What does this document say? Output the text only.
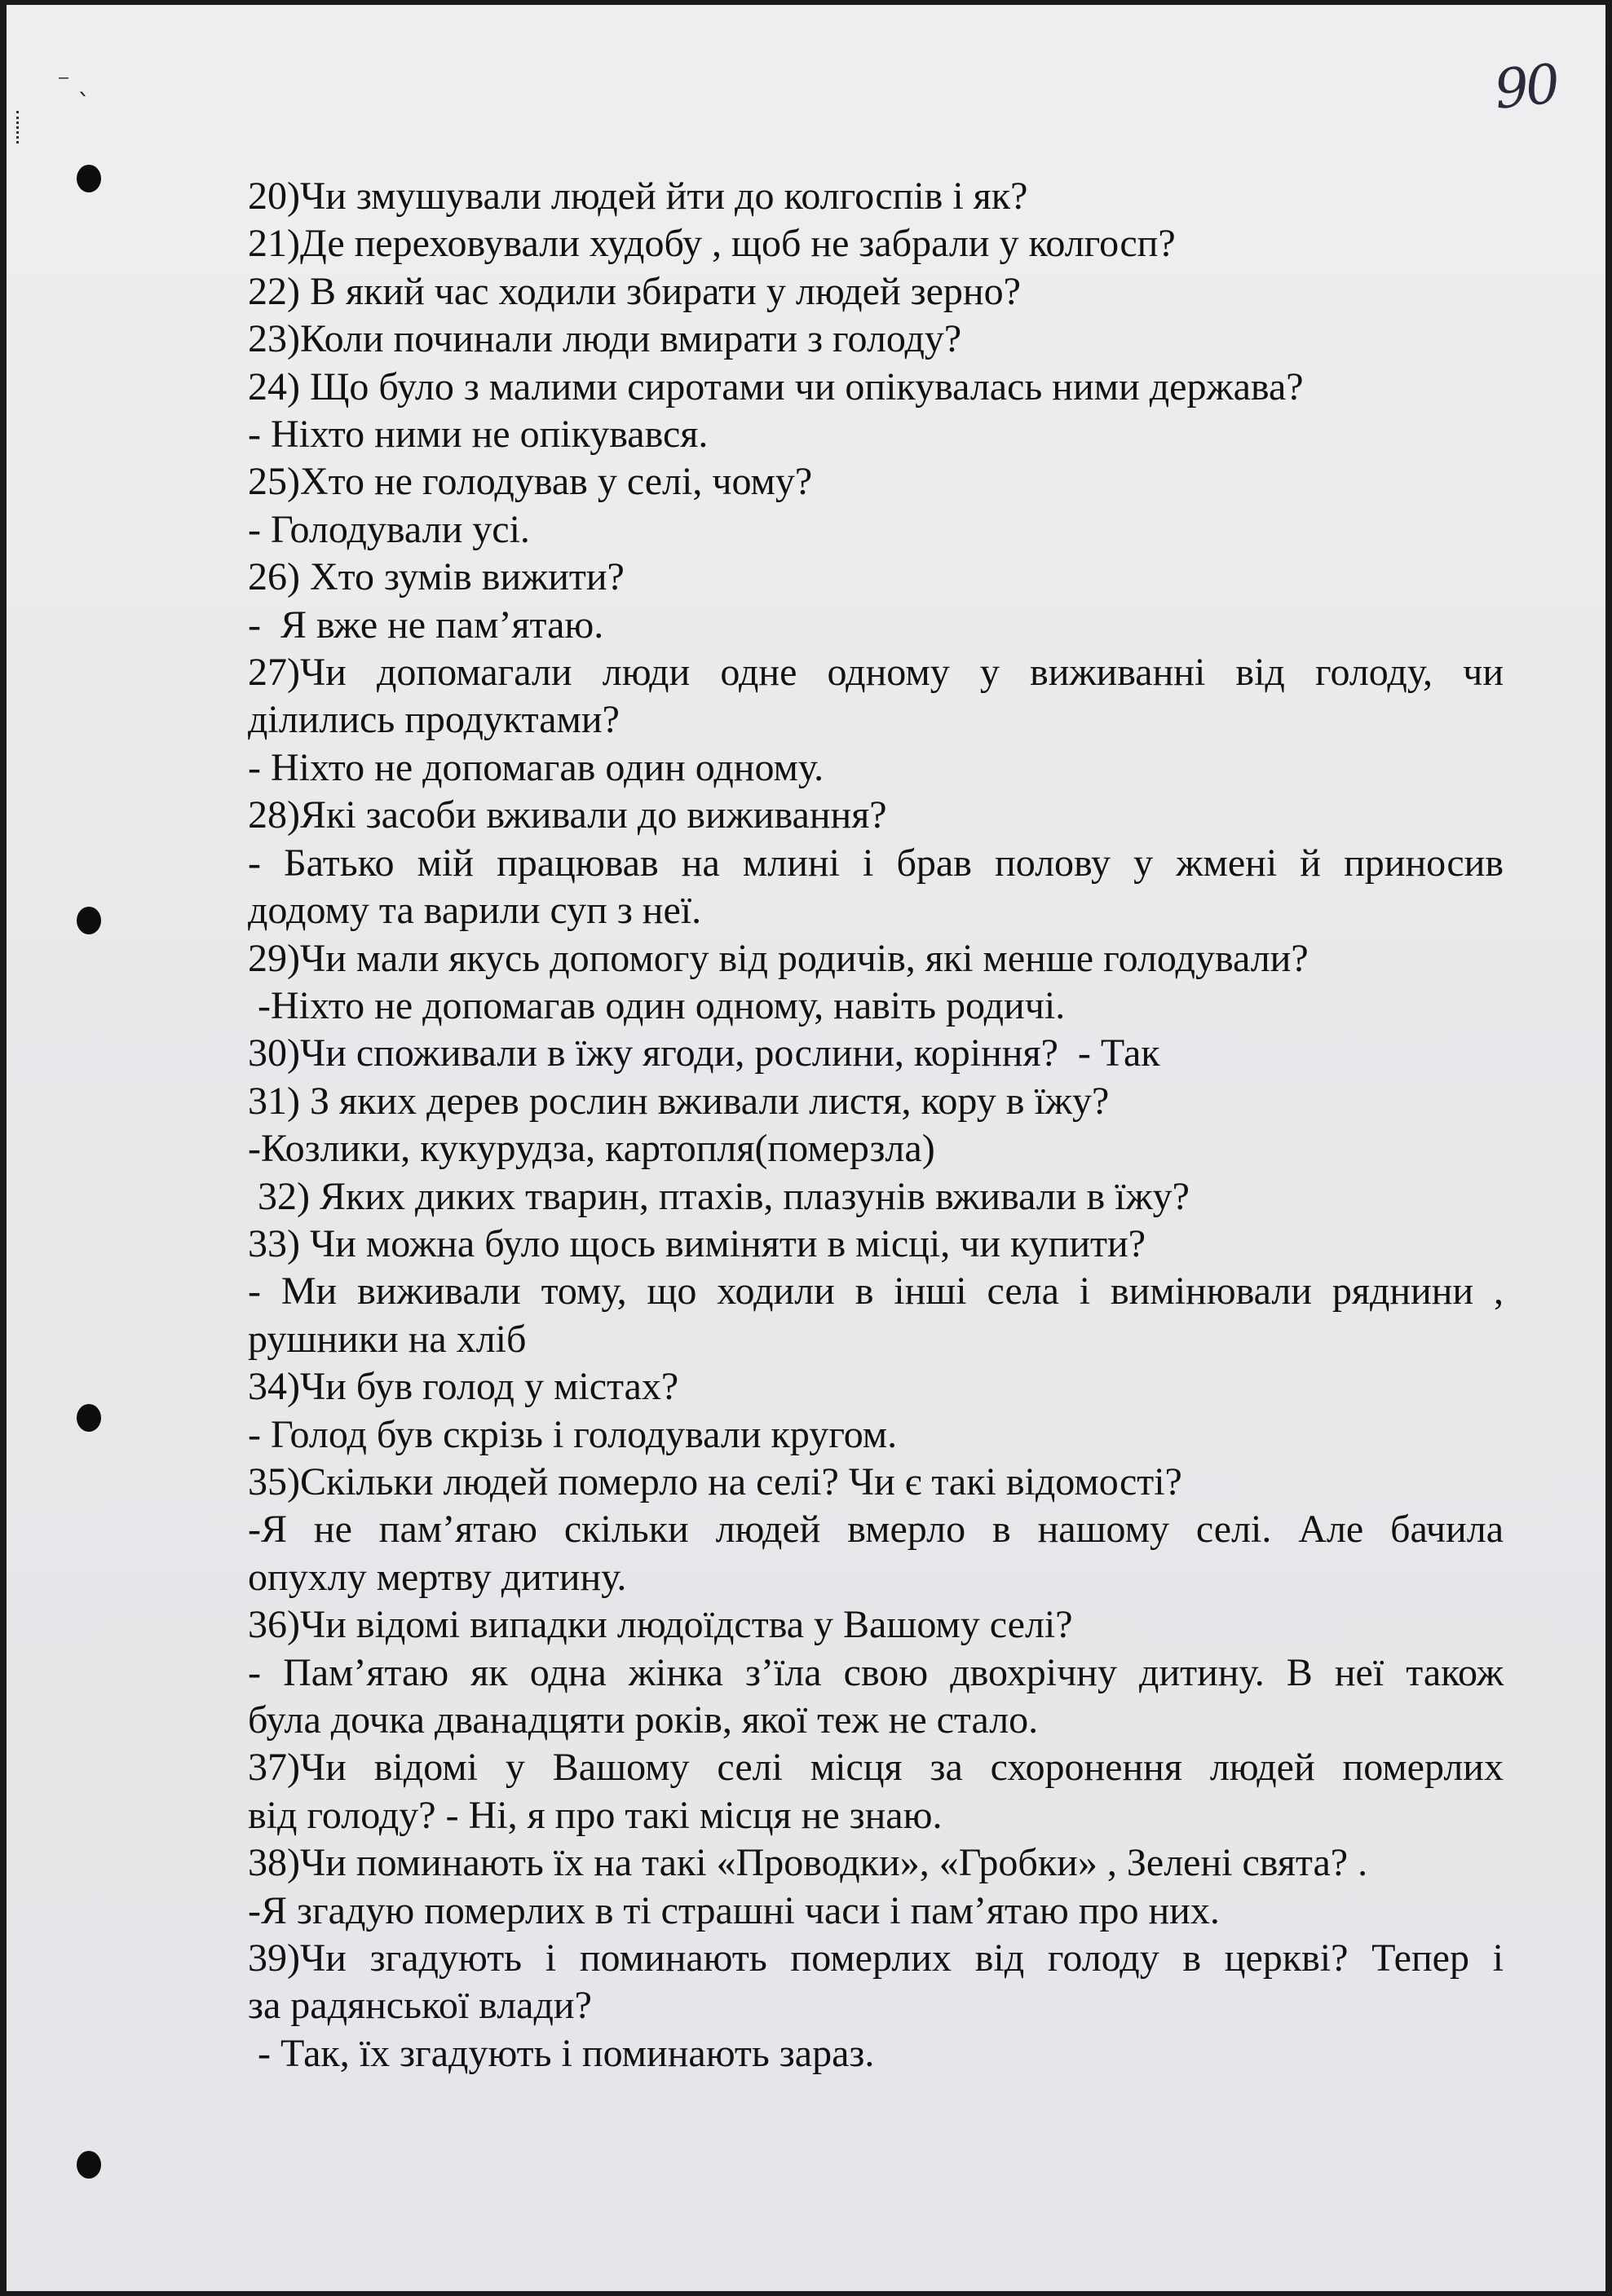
⁻ ˎ	90
20)Чи змушували людей йти до колгоспів і як?
21)Де переховували худобу , щоб не забрали у колгосп?
22) В який час ходили збирати у людей зерно?
23)Коли починали люди вмирати з голоду?
24) Що було з малими сиротами чи опікувалась ними держава?
- Ніхто ними не опікувався.
25)Хто не голодував у селі, чому?
- Голодували усі.
26) Хто зумів вижити?
-  Я вже не пам’ятаю.
27)Чи допомагали люди одне одному у виживанні від голоду, чи
ділились продуктами?
- Ніхто не допомагав один одному.
28)Які засоби вживали до виживання?
- Батько мій працював на млині і брав полову у жмені й приносив
додому та варили суп з неї.
29)Чи мали якусь допомогу від родичів, які менше голодували?
-Ніхто не допомагав один одному, навіть родичі.
30)Чи споживали в їжу ягоди, рослини, коріння?  - Так
31) З яких дерев рослин вживали листя, кору в їжу?
-Козлики, кукурудза, картопля(померзла)
32) Яких диких тварин, птахів, плазунів вживали в їжу?
33) Чи можна було щось виміняти в місці, чи купити?
- Ми виживали тому, що ходили в інші села і вимінювали ряднини ,
рушники на хліб
34)Чи був голод у містах?
- Голод був скрізь і голодували кругом.
35)Скільки людей померло на селі? Чи є такі відомості?
-Я не пам’ятаю скільки людей вмерло в нашому селі. Але бачила
опухлу мертву дитину.
36)Чи відомі випадки людоїдства у Вашому селі?
- Пам’ятаю як одна жінка з’їла свою двохрічну дитину. В неї також
була дочка дванадцяти років, якої теж не стало.
37)Чи відомі у Вашому селі місця за схоронення людей померлих
від голоду? - Ні, я про такі місця не знаю.
38)Чи поминають їх на такі «Проводки», «Гробки» , Зелені свята? .
-Я згадую померлих в ті страшні часи і пам’ятаю про них.
39)Чи згадують і поминають померлих від голоду в церкві? Тепер і
за радянської влади?
- Так, їх згадують і поминають зараз.
